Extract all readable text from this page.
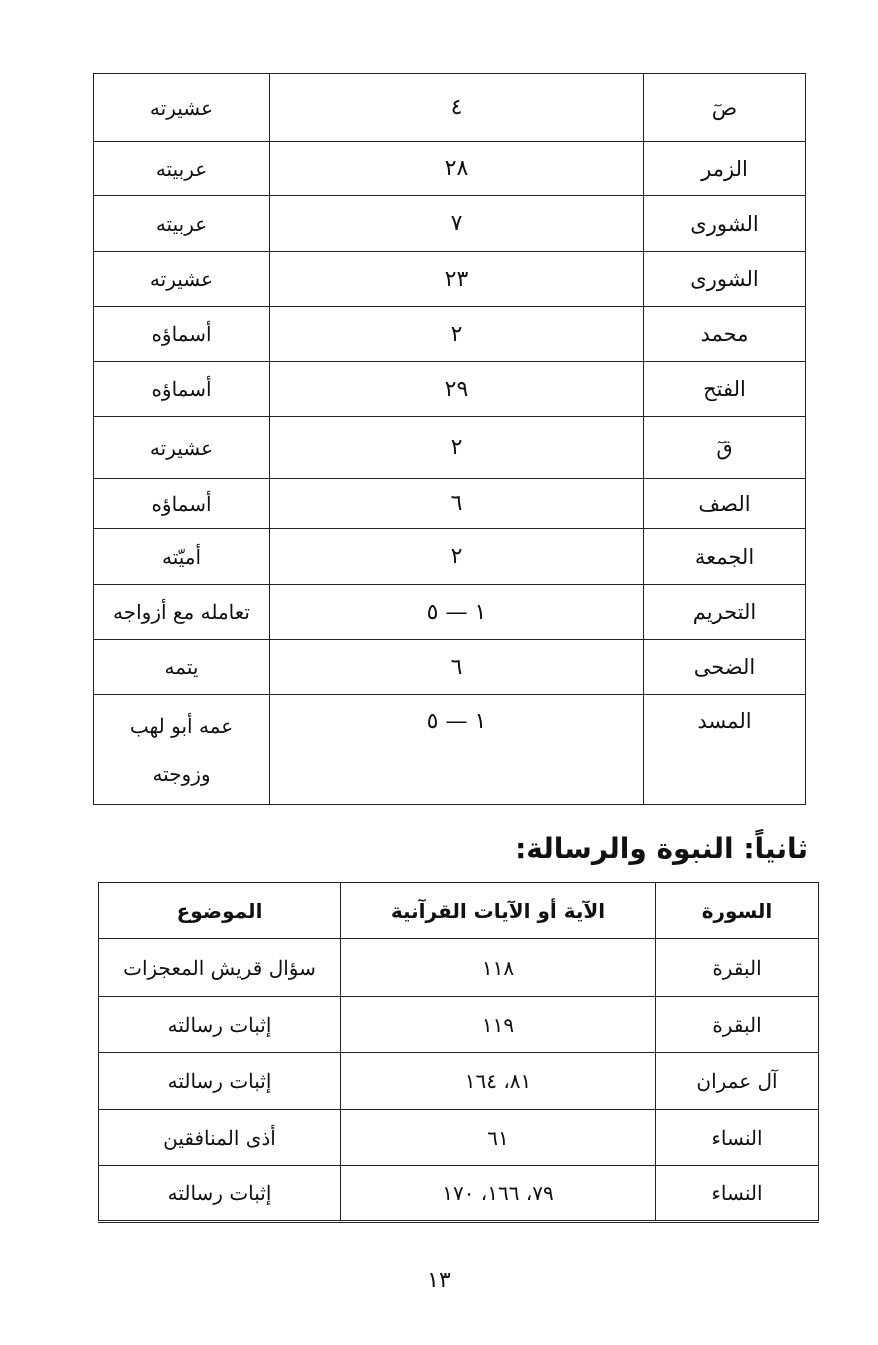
صٓ	٤	عشيرته
الزمر	٢٨	عربيته
الشورى	٧	عربيته
الشورى	٢٣	عشيرته
محمد	٢	أسماؤه
الفتح	٢٩	أسماؤه
قٓ	٢	عشيرته
الصف	٦	أسماؤه
الجمعة	٢	أميّته
التحريم	١ — ٥	تعامله مع أزواجه
الضحى	٦	يتمه
المسد	١ — ٥	عمه أبو لهب وزوجته
ثانياً: النبوة والرسالة:
السورة	الآية أو الآيات القرآنية	الموضوع
البقرة	١١٨	سؤال قريش المعجزات
البقرة	١١٩	إثبات رسالته
آل عمران	٨١، ١٦٤	إثبات رسالته
النساء	٦١	أذى المنافقين
النساء	٧٩، ١٦٦، ١٧٠	إثبات رسالته
١٣
